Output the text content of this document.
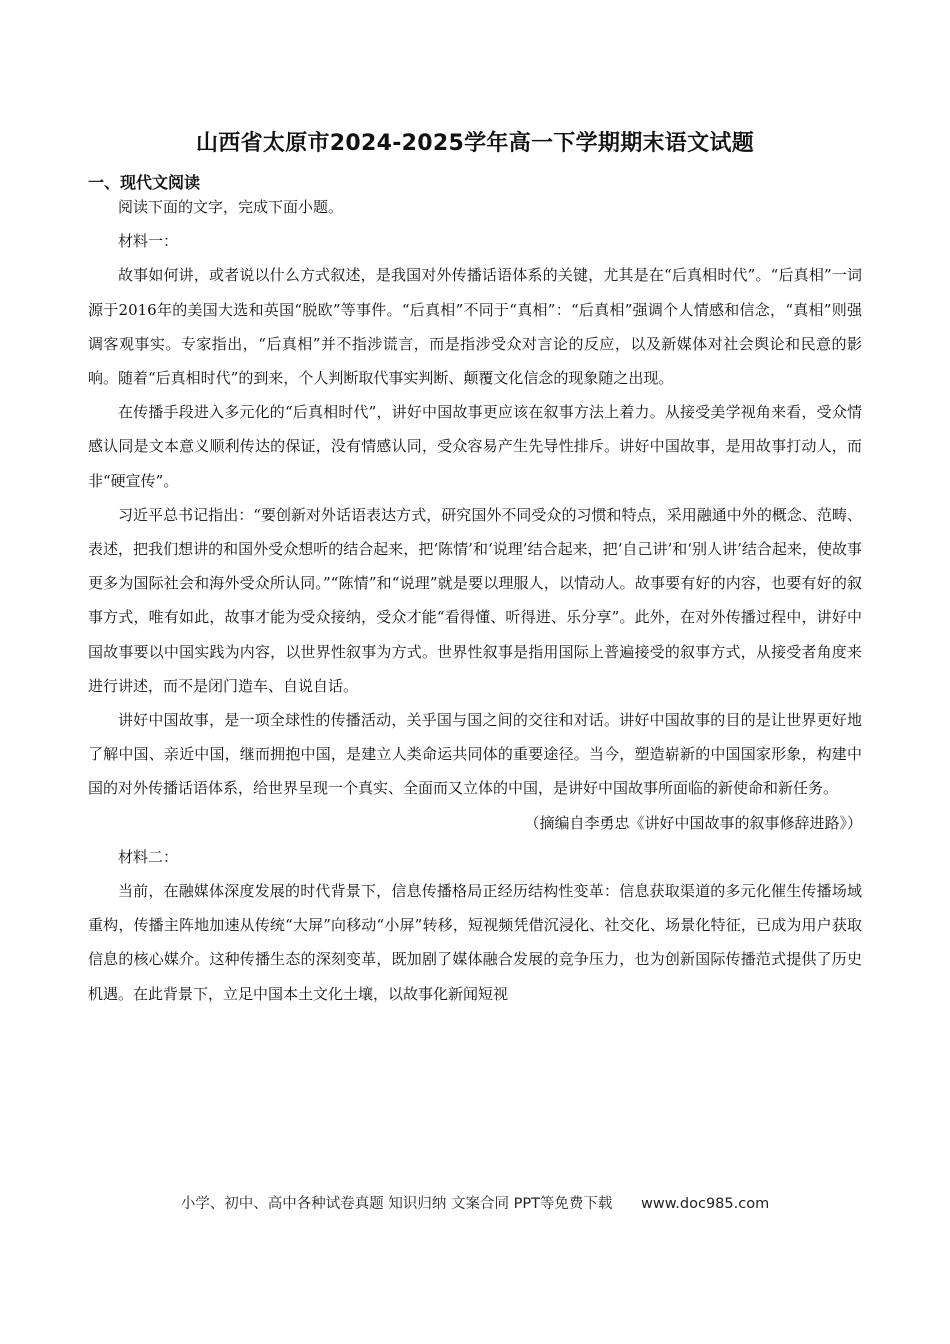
山西省太原市2024-2025学年高一下学期期末语文试题
一、现代文阅读

阅读下面的文字，完成下面小题。

材料一：

故事如何讲，或者说以什么方式叙述，是我国对外传播话语体系的关键，尤其是在“后真相时代”。“后真相”一词源于2016年的美国大选和英国“脱欧”等事件。“后真相”不同于“真相”：“后真相”强调个人情感和信念，“真相”则强调客观事实。专家指出，“后真相”并不指涉谎言，而是指涉受众对言论的反应，以及新媒体对社会舆论和民意的影响。随着“后真相时代”的到来，个人判断取代事实判断、颠覆文化信念的现象随之出现。

在传播手段进入多元化的“后真相时代”，讲好中国故事更应该在叙事方法上着力。从接受美学视角来看，受众情感认同是文本意义顺利传达的保证，没有情感认同，受众容易产生先导性排斥。讲好中国故事，是用故事打动人，而非“硬宣传”。

习近平总书记指出：“要创新对外话语表达方式，研究国外不同受众的习惯和特点，采用融通中外的概念、范畴、表述，把我们想讲的和国外受众想听的结合起来，把‘陈情’和‘说理’结合起来，把‘自己讲’和‘别人讲’结合起来，使故事更多为国际社会和海外受众所认同。”“陈情”和“说理”就是要以理服人，以情动人。故事要有好的内容，也要有好的叙事方式，唯有如此，故事才能为受众接纳，受众才能“看得懂、听得进、乐分享”。此外，在对外传播过程中，讲好中国故事要以中国实践为内容，以世界性叙事为方式。世界性叙事是指用国际上普遍接受的叙事方式，从接受者角度来进行讲述，而不是闭门造车、自说自话。

讲好中国故事，是一项全球性的传播活动，关乎国与国之间的交往和对话。讲好中国故事的目的是让世界更好地了解中国、亲近中国，继而拥抱中国，是建立人类命运共同体的重要途径。当今，塑造崭新的中国国家形象，构建中国的对外传播话语体系，给世界呈现一个真实、全面而又立体的中国，是讲好中国故事所面临的新使命和新任务。

（摘编自李勇忠《讲好中国故事的叙事修辞进路》）

材料二：

当前，在融媒体深度发展的时代背景下，信息传播格局正经历结构性变革：信息获取渠道的多元化催生传播场域重构，传播主阵地加速从传统“大屏”向移动“小屏”转移，短视频凭借沉浸化、社交化、场景化特征，已成为用户获取信息的核心媒介。这种传播生态的深刻变革，既加剧了媒体融合发展的竞争压力，也为创新国际传播范式提供了历史机遇。在此背景下，立足中国本土文化土壤，以故事化新闻短视

小学、初中、高中各种试卷真题 知识归纳 文案合同 PPT等免费下载 www.doc985.com
